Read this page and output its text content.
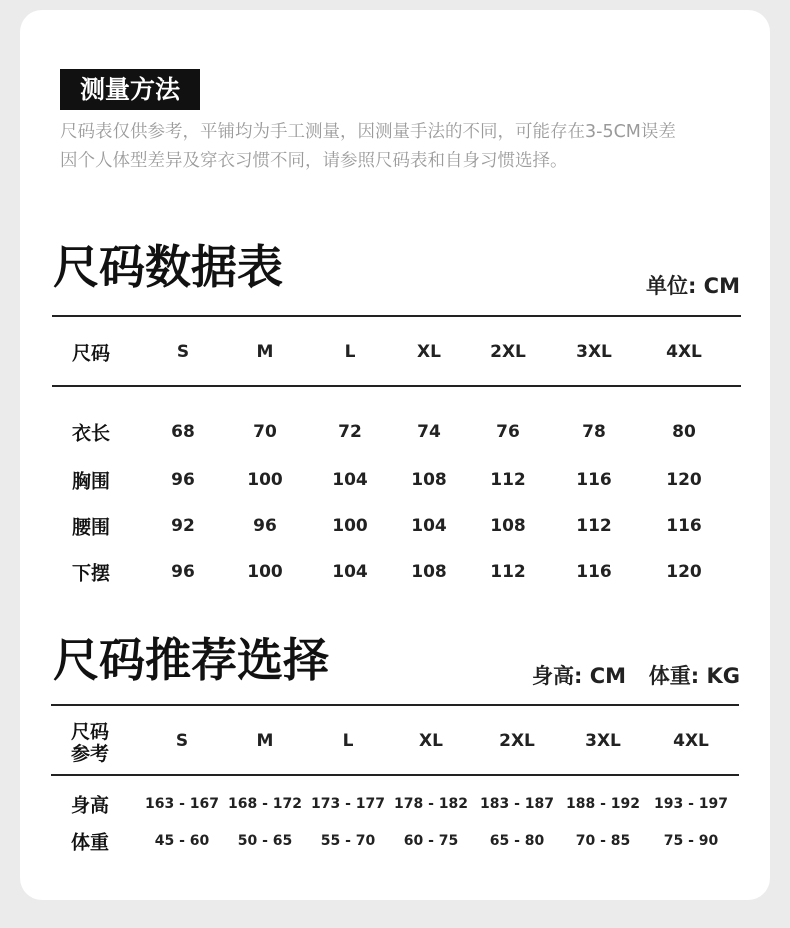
测量方法
尺码表仅供参考，平铺均为手工测量，因测量手法的不同，可能存在3-5CM误差
因个人体型差异及穿衣习惯不同，请参照尺码表和自身习惯选择。
尺码数据表	单位: CM
尺码	S	M	L	XL	2XL	3XL	4XL
衣长	68	70	72	74	76	78	80
胸围	96	100	104	108	112	116	120
腰围	92	96	100	104	108	112	116
下摆	96	100	104	108	112	116	120
尺码推荐选择	身高: CM 体重: KG
尺码
参考
S	M	L	XL	2XL	3XL	4XL
身高	163 - 167 168 - 172 173 - 177 178 - 182 183 - 187 188 - 192 193 - 197
体重	45 - 60 50 - 65 55 - 70 60 - 75 65 - 80 70 - 85 75 - 90
